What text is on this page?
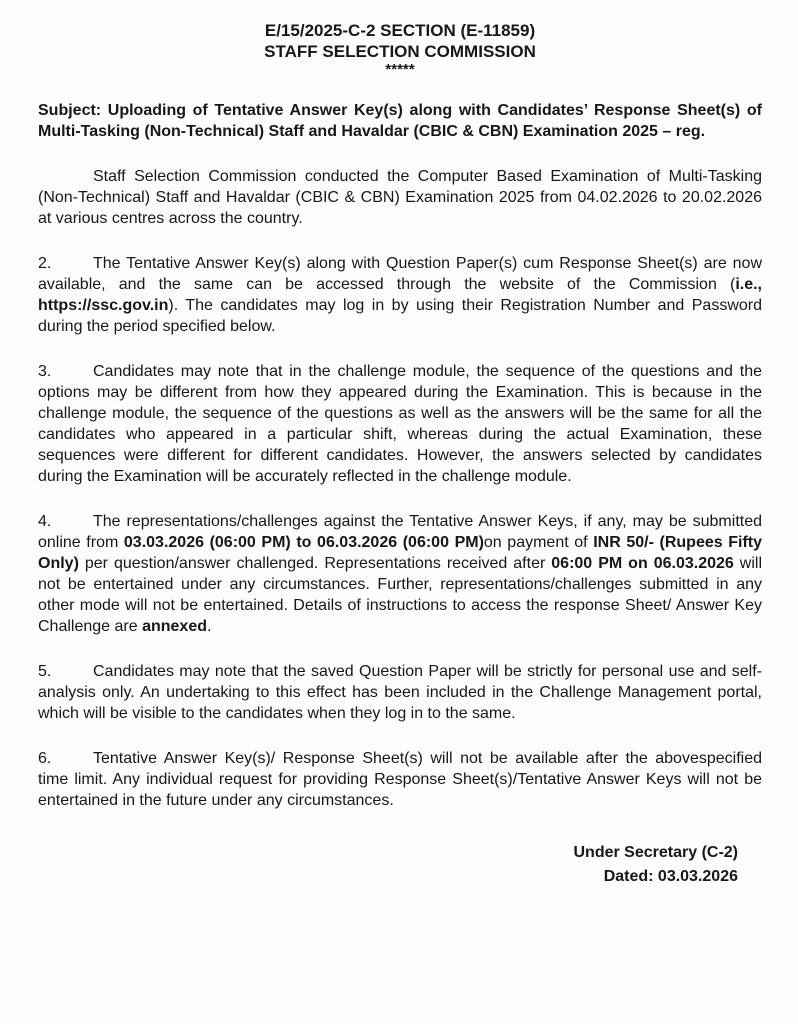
E/15/2025-C-2 SECTION (E-11859)
STAFF SELECTION COMMISSION
*****

Subject: Uploading of Tentative Answer Key(s) along with Candidates’ Response Sheet(s) of Multi-Tasking (Non-Technical) Staff and Havaldar (CBIC & CBN) Examination 2025 – reg.

Staff Selection Commission conducted the Computer Based Examination of Multi-Tasking (Non-Technical) Staff and Havaldar (CBIC & CBN) Examination 2025 from 04.02.2026 to 20.02.2026 at various centres across the country.

2.	The Tentative Answer Key(s) along with Question Paper(s) cum Response Sheet(s) are now available, and the same can be accessed through the website of the Commission (i.e., https://ssc.gov.in). The candidates may log in by using their Registration Number and Password during the period specified below.

3.	Candidates may note that in the challenge module, the sequence of the questions and the options may be different from how they appeared during the Examination. This is because in the challenge module, the sequence of the questions as well as the answers will be the same for all the candidates who appeared in a particular shift, whereas during the actual Examination, these sequences were different for different candidates. However, the answers selected by candidates during the Examination will be accurately reflected in the challenge module.

4.	The representations/challenges against the Tentative Answer Keys, if any, may be submitted online from 03.03.2026 (06:00 PM) to 06.03.2026 (06:00 PM)on payment of INR 50/- (Rupees Fifty Only) per question/answer challenged. Representations received after 06:00 PM on 06.03.2026 will not be entertained under any circumstances. Further, representations/challenges submitted in any other mode will not be entertained. Details of instructions to access the response Sheet/ Answer Key Challenge are annexed.

5.	Candidates may note that the saved Question Paper will be strictly for personal use and self-analysis only. An undertaking to this effect has been included in the Challenge Management portal, which will be visible to the candidates when they log in to the same.

6.	Tentative Answer Key(s)/ Response Sheet(s) will not be available after the abovespecified time limit. Any individual request for providing Response Sheet(s)/Tentative Answer Keys will not be entertained in the future under any circumstances.

Under Secretary (C-2)
Dated: 03.03.2026
